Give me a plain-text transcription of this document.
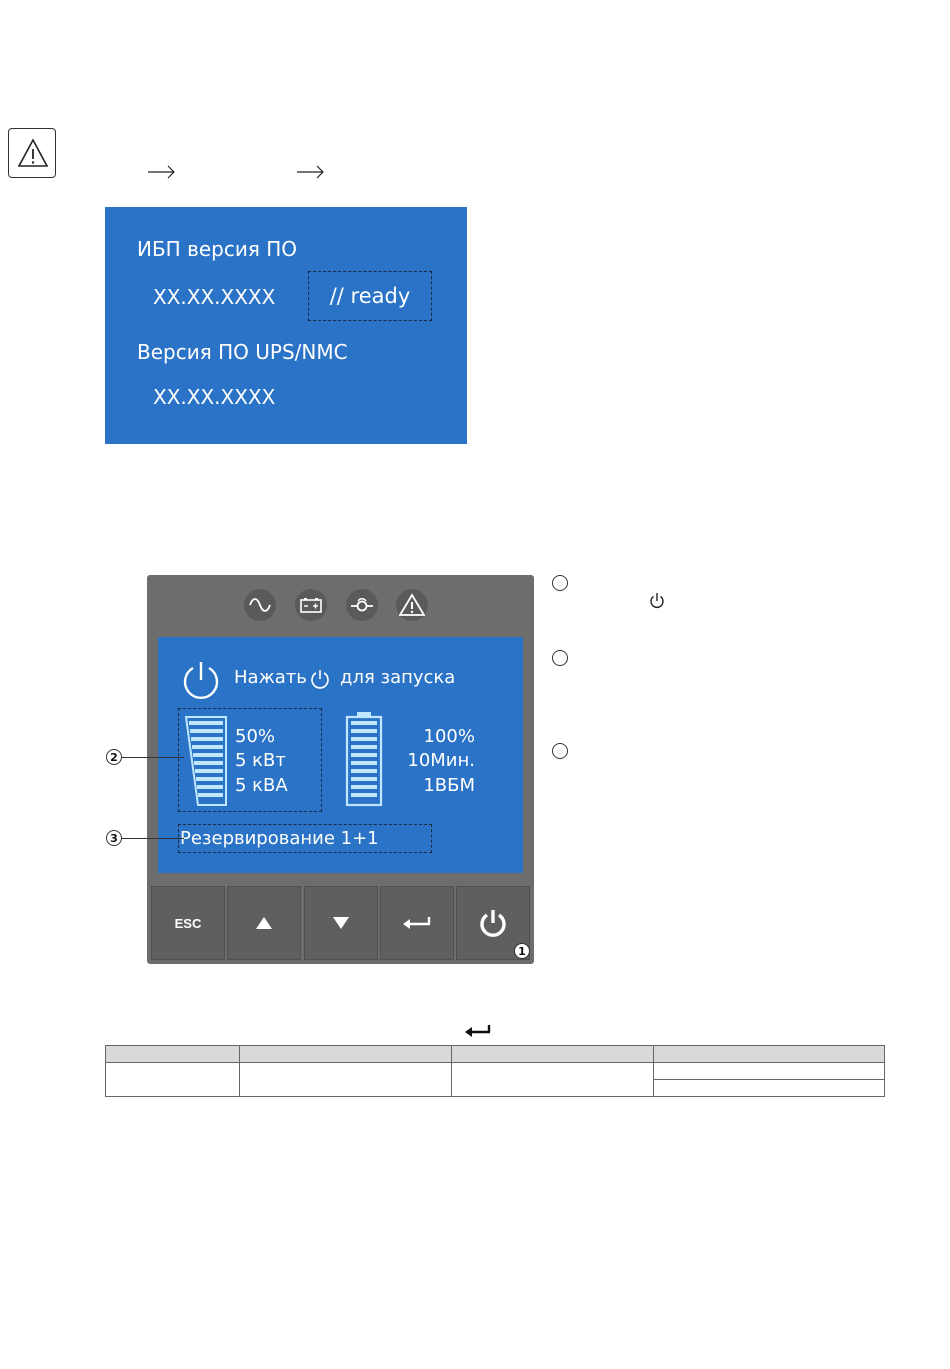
ИБП версия ПО
XX.XX.XXXX	// ready
Версия ПО UPS/NMC
XX.XX.XXXX
Нажать для запуска
50%
5 кВт
5 кВА
100%
10Мин.
1ВБМ
Резервирование 1+1
ESC
2
3
1
